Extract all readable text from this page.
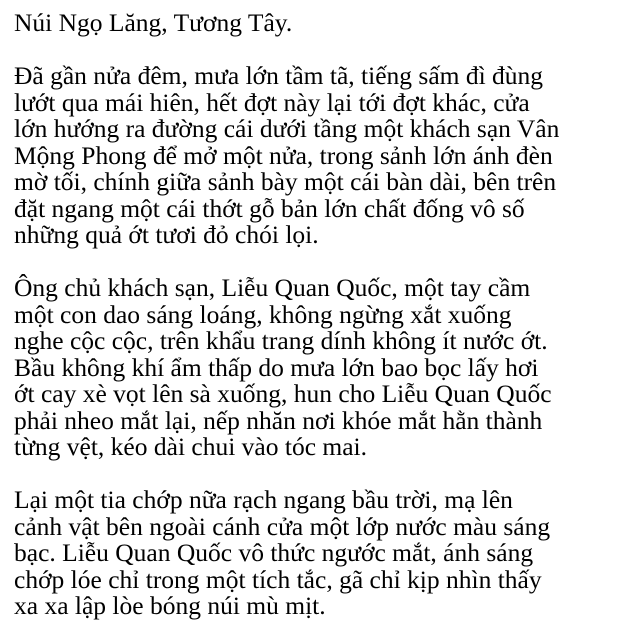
Núi Ngọ Lăng, Tương Tây.
Đã gần nửa đêm, mưa lớn tầm tã, tiếng sấm đì đùng
lướt qua mái hiên, hết đợt này lại tới đợt khác, cửa
lớn hướng ra đường cái dưới tầng một khách sạn Vân
Mộng Phong để mở một nửa, trong sảnh lớn ánh đèn
mờ tối, chính giữa sảnh bày một cái bàn dài, bên trên
đặt ngang một cái thớt gỗ bản lớn chất đống vô số
những quả ớt tươi đỏ chói lọi.
Ông chủ khách sạn, Liễu Quan Quốc, một tay cầm
một con dao sáng loáng, không ngừng xắt xuống
nghe cộc cộc, trên khẩu trang dính không ít nước ớt.
Bầu không khí ẩm thấp do mưa lớn bao bọc lấy hơi
ớt cay xè vọt lên sà xuống, hun cho Liễu Quan Quốc
phải nheo mắt lại, nếp nhăn nơi khóe mắt hằn thành
từng vệt, kéo dài chui vào tóc mai.
Lại một tia chớp nữa rạch ngang bầu trời, mạ lên
cảnh vật bên ngoài cánh cửa một lớp nước màu sáng
bạc. Liễu Quan Quốc vô thức ngước mắt, ánh sáng
chớp lóe chỉ trong một tích tắc, gã chỉ kịp nhìn thấy
xa xa lập lòe bóng núi mù mịt.
